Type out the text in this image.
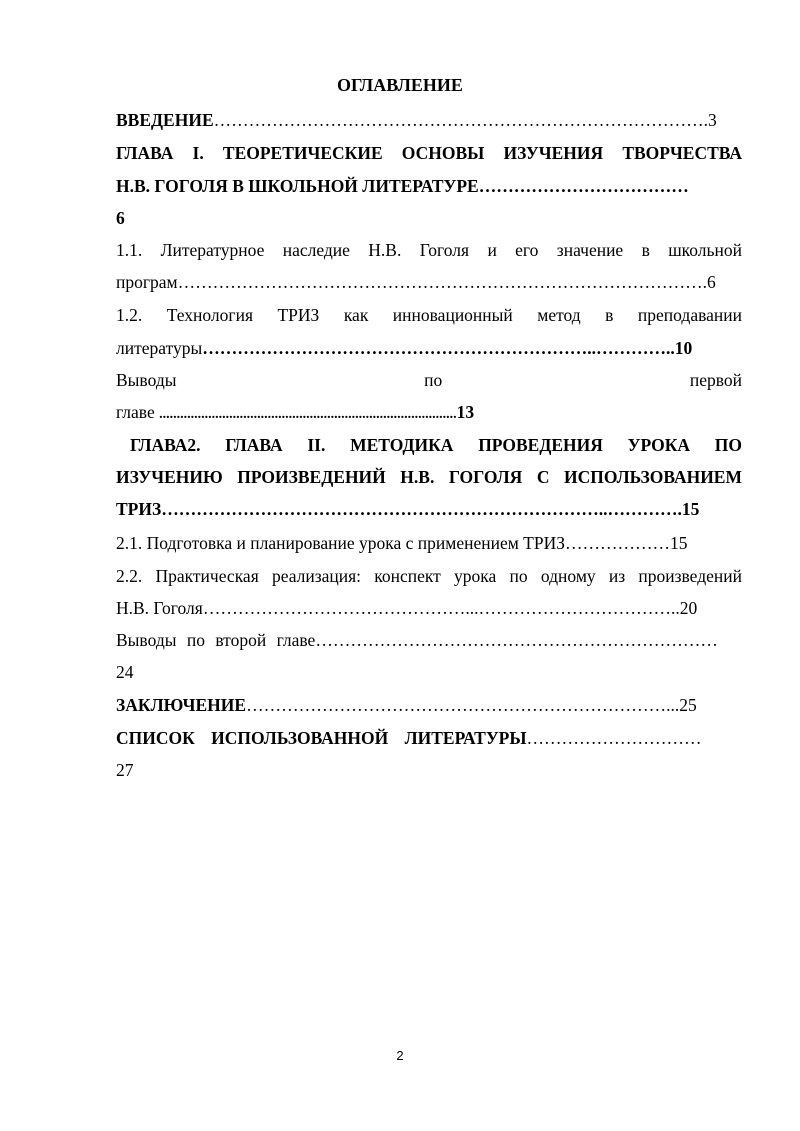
ОГЛАВЛЕНИЕ
ВВЕДЕНИЕ………………………………………………………………………….3
ГЛАВА I. ТЕОРЕТИЧЕСКИЕ ОСНОВЫ ИЗУЧЕНИЯ ТВОРЧЕСТВА
Н.В. ГОГОЛЯ В ШКОЛЬНОЙ ЛИТЕРАТУРЕ………………………………
6
1.1. Литературное наследие Н.В. Гоголя и его значение в школьной
програм……………………………………………………………………………….6
1.2. Технология ТРИЗ как инновационный метод в преподавании
литературы…………………………………………………………..…………..10
Выводы по первой
главе .....................................................................................13
ГЛАВА2. ГЛАВА II. МЕТОДИКА ПРОВЕДЕНИЯ УРОКА ПО
ИЗУЧЕНИЮ ПРОИЗВЕДЕНИЙ Н.В. ГОГОЛЯ С ИСПОЛЬЗОВАНИЕМ
ТРИЗ…………………………………………………………………..………….15
2.1. Подготовка и планирование урока с применением ТРИЗ………………15
2.2. Практическая реализация: конспект урока по одному из произведений
Н.В. Гоголя………………………………………...……………………………..20
Выводы по второй главе……………………………………………………………
24
ЗАКЛЮЧЕНИЕ………………………………………………………………...25
СПИСОК ИСПОЛЬЗОВАННОЙ ЛИТЕРАТУРЫ…………………………
27
2
